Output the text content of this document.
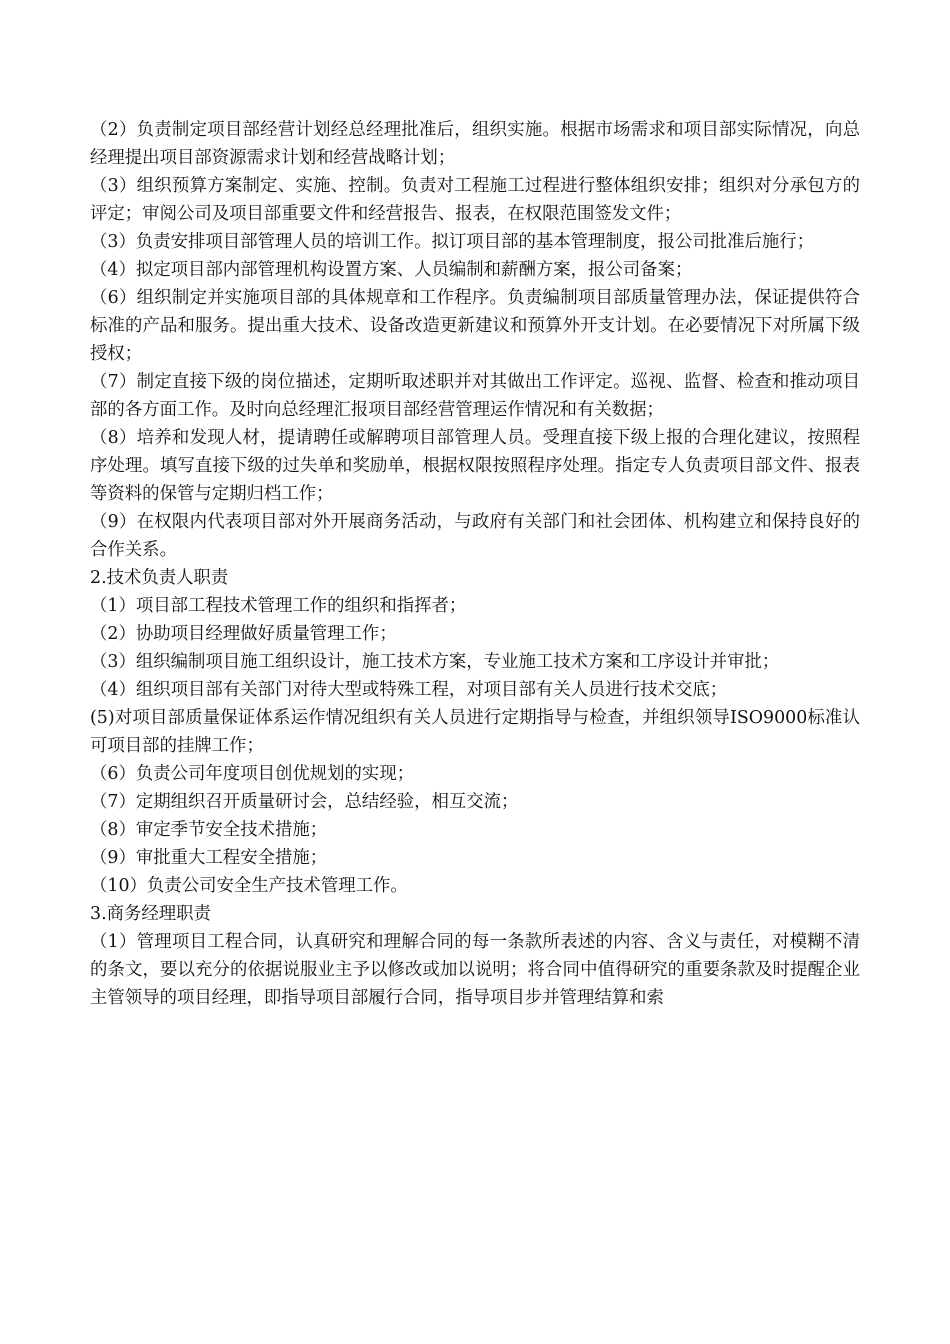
（2）负责制定项目部经营计划经总经理批准后，组织实施。根据市场需求和项目部实际情况，向总经理提出项目部资源需求计划和经营战略计划；

（3）组织预算方案制定、实施、控制。负责对工程施工过程进行整体组织安排；组织对分承包方的评定；审阅公司及项目部重要文件和经营报告、报表，在权限范围签发文件；

（3）负责安排项目部管理人员的培训工作。拟订项目部的基本管理制度，报公司批准后施行；

（4）拟定项目部内部管理机构设置方案、人员编制和薪酬方案，报公司备案；

（6）组织制定并实施项目部的具体规章和工作程序。负责编制项目部质量管理办法，保证提供符合标准的产品和服务。提出重大技术、设备改造更新建议和预算外开支计划。在必要情况下对所属下级授权；

（7）制定直接下级的岗位描述，定期听取述职并对其做出工作评定。巡视、监督、检查和推动项目部的各方面工作。及时向总经理汇报项目部经营管理运作情况和有关数据；

（8）培养和发现人材，提请聘任或解聘项目部管理人员。受理直接下级上报的合理化建议，按照程序处理。填写直接下级的过失单和奖励单，根据权限按照程序处理。指定专人负责项目部文件、报表等资料的保管与定期归档工作；

（9）在权限内代表项目部对外开展商务活动，与政府有关部门和社会团体、机构建立和保持良好的合作关系。

2.技术负责人职责

（1）项目部工程技术管理工作的组织和指挥者；

（2）协助项目经理做好质量管理工作；

（3）组织编制项目施工组织设计，施工技术方案，专业施工技术方案和工序设计并审批；

（4）组织项目部有关部门对待大型或特殊工程，对项目部有关人员进行技术交底；

(5)对项目部质量保证体系运作情况组织有关人员进行定期指导与检查，并组织领导ISO9000标准认可项目部的挂牌工作；

（6）负责公司年度项目创优规划的实现；

（7）定期组织召开质量研讨会，总结经验，相互交流；

（8）审定季节安全技术措施；

（9）审批重大工程安全措施；

（10）负责公司安全生产技术管理工作。

3.商务经理职责

（1）管理项目工程合同，认真研究和理解合同的每一条款所表述的内容、含义与责任，对模糊不清的条文，要以充分的依据说服业主予以修改或加以说明；将合同中值得研究的重要条款及时提醒企业主管领导的项目经理，即指导项目部履行合同，指导项目步并管理结算和索
